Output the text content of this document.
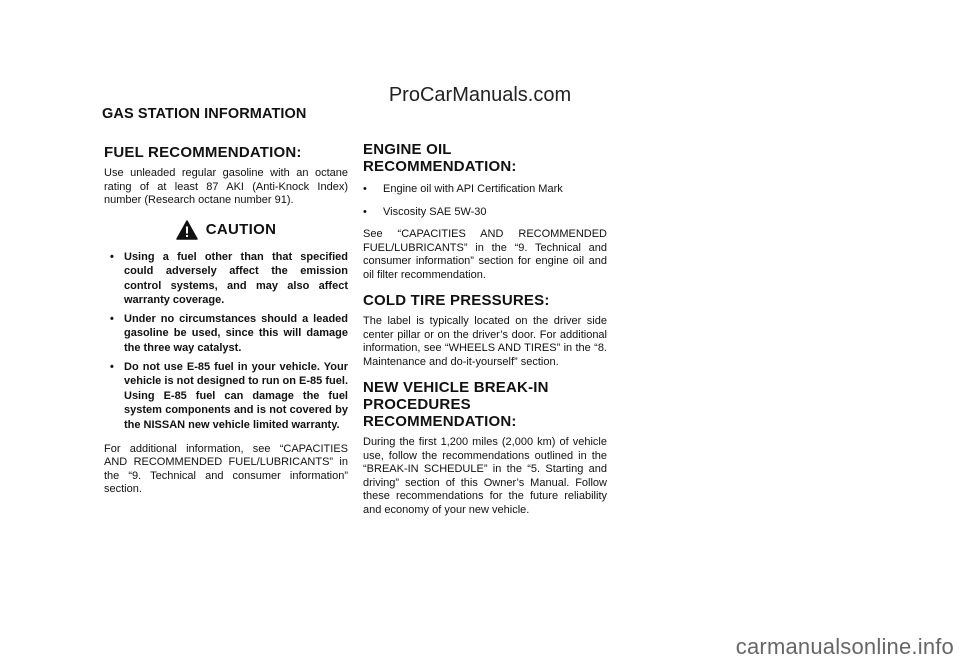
ProCarManuals.com
GAS STATION INFORMATION
FUEL RECOMMENDATION:

Use unleaded regular gasoline with an octane rating of at least 87 AKI (Anti-Knock Index) number (Research octane number 91).

CAUTION
• Using a fuel other than that specified could adversely affect the emission control systems, and may also affect warranty coverage.
• Under no circumstances should a leaded gasoline be used, since this will damage the three way catalyst.
• Do not use E-85 fuel in your vehicle. Your vehicle is not designed to run on E-85 fuel. Using E-85 fuel can damage the fuel system components and is not covered by the NISSAN new vehicle limited warranty.

For additional information, see “CAPACITIES AND RECOMMENDED FUEL/LUBRICANTS” in the “9. Technical and consumer information” section.

ENGINE OIL RECOMMENDATION:
•	Engine oil with API Certification Mark
•	Viscosity SAE 5W-30

See “CAPACITIES AND RECOMMENDED FUEL/LUBRICANTS” in the “9. Technical and consumer information” section for engine oil and oil filter recommendation.

COLD TIRE PRESSURES:

The label is typically located on the driver side center pillar or on the driver’s door. For additional information, see “WHEELS AND TIRES” in the “8. Maintenance and do-it-yourself” section.

NEW VEHICLE BREAK-IN PROCEDURES RECOMMENDATION:

During the first 1,200 miles (2,000 km) of vehicle use, follow the recommendations outlined in the “BREAK-IN SCHEDULE” in the “5. Starting and driving” section of this Owner’s Manual. Follow these recommendations for the future reliability and economy of your new vehicle.

carmanualsonline.info
